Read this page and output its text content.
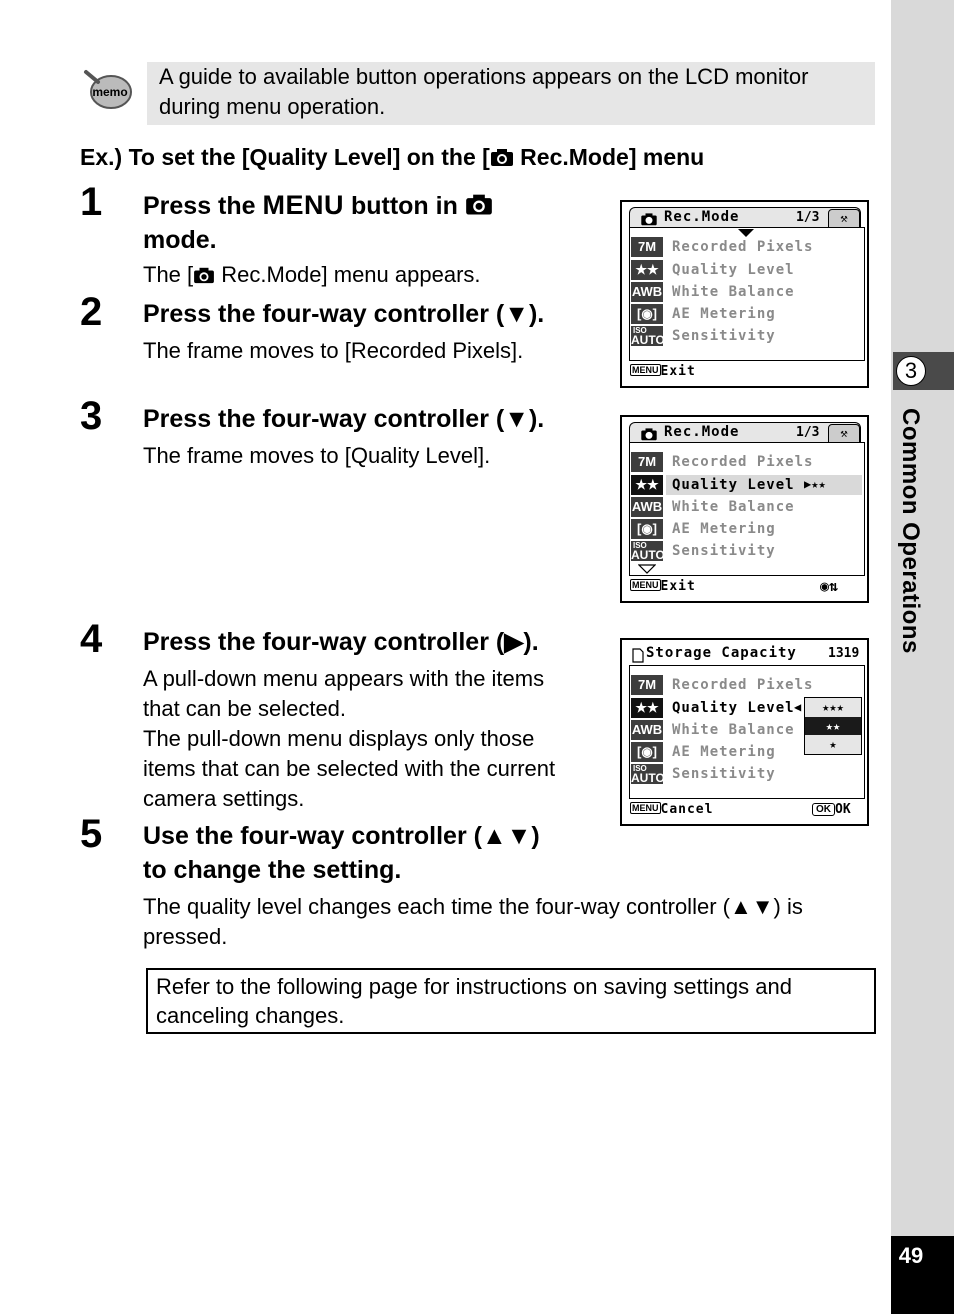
3
Common Operations
49
memo
A guide to available button operations appears on the LCD monitor
during menu operation.
Ex.) To set the [Quality Level] on the [ Rec.Mode] menu
1 Press the MENU button in
mode.
The [ Rec.Mode] menu appears.
2 Press the four-way controller (▼).
The frame moves to [Recorded Pixels].
3 Press the four-way controller (▼).
The frame moves to [Quality Level].
4 Press the four-way controller (▶).
A pull-down menu appears with the items
that can be selected.
The pull-down menu displays only those
items that can be selected with the current
camera settings.
5 Use the four-way controller (▲▼)
to change the setting.
The quality level changes each time the four-way controller (▲▼) is
pressed.
Refer to the following page for instructions on saving settings and
canceling changes.
Rec.Mode	1/3	⚒
7M	Recorded Pixels
★★ Quality Level
AWB White Balance
[◉]	AE Metering
ISO
AUTO Sensitivity
MENU Exit
Rec.Mode	1/3	⚒
7M	Recorded Pixels
★★ Quality Level ▶★★
AWB White Balance
[◉]	AE Metering
ISO
AUTO Sensitivity
MENU Exit	◉⇅
Storage Capacity 1319
7M	Recorded Pixels
★★ Quality Level ◀
AWB White Balance
[◉]	AE Metering
ISO
AUTO Sensitivity
★★★
★★
★
MENU Cancel	OK OK
